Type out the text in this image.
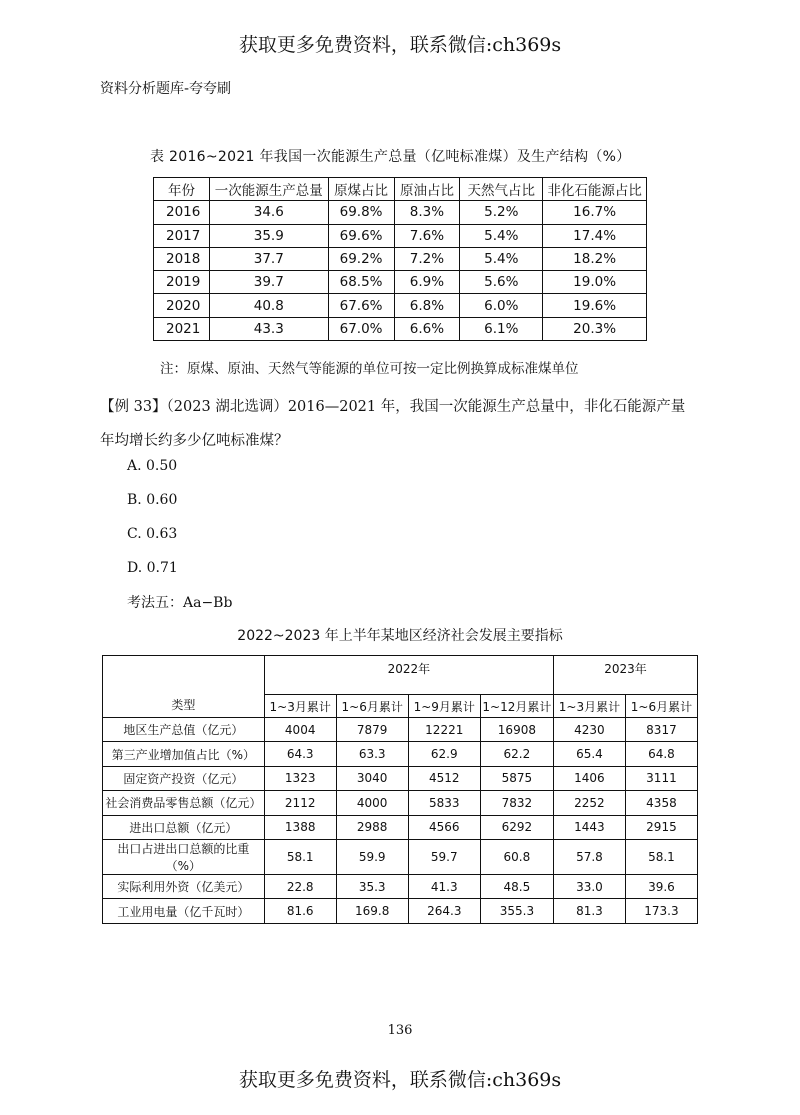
获取更多免费资料，联系微信:ch369s
资料分析题库-夸夸刷
表 2016~2021 年我国一次能源生产总量（亿吨标准煤）及生产结构（%）
年份	一次能源生产总量	原煤占比	原油占比	天然气占比	非化石能源占比
2016	34.6	69.8%	8.3%	5.2%	16.7%
2017	35.9	69.6%	7.6%	5.4%	17.4%
2018	37.7	69.2%	7.2%	5.4%	18.2%
2019	39.7	68.5%	6.9%	5.6%	19.0%
2020	40.8	67.6%	6.8%	6.0%	19.6%
2021	43.3	67.0%	6.6%	6.1%	20.3%
注：原煤、原油、天然气等能源的单位可按一定比例换算成标准煤单位
【例 33】（2023 湖北选调）2016—2021 年，我国一次能源生产总量中，非化石能源产量
年均增长约多少亿吨标准煤？
A. 0.50
B. 0.60
C. 0.63
D. 0.71
考法五：Aa−Bb
2022~2023 年上半年某地区经济社会发展主要指标
类型	2022年				2023年	
	1~3月累计	1~6月累计	1~9月累计	1~12月累计	1~3月累计	1~6月累计
地区生产总值（亿元）	4004	7879	12221	16908	4230	8317
第三产业增加值占比（%）	64.3	63.3	62.9	62.2	65.4	64.8
固定资产投资（亿元）	1323	3040	4512	5875	1406	3111
社会消费品零售总额（亿元）	2112	4000	5833	7832	2252	4358
进出口总额（亿元）	1388	2988	4566	6292	1443	2915
出口占进出口总额的比重（%）	58.1	59.9	59.7	60.8	57.8	58.1
实际利用外资（亿美元）	22.8	35.3	41.3	48.5	33.0	39.6
工业用电量（亿千瓦时）	81.6	169.8	264.3	355.3	81.3	173.3
136
获取更多免费资料，联系微信:ch369s
